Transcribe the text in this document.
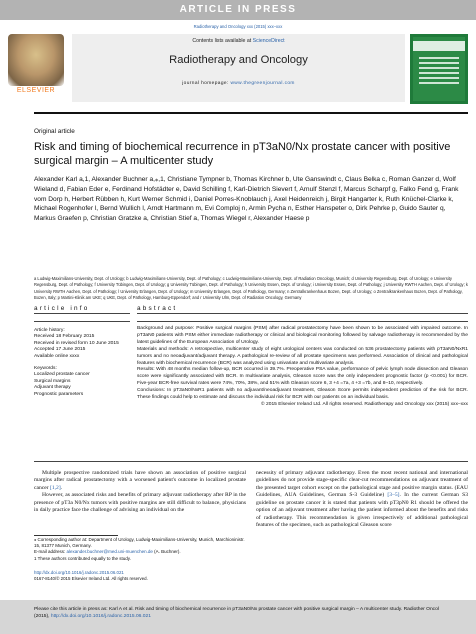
ARTICLE IN PRESS
Radiotherapy and Oncology xxx (2015) xxx–xxx
ELSEVIER
Contents lists available at ScienceDirect
Radiotherapy and Oncology
journal homepage: www.thegreenjournal.com
Original article
Risk and timing of biochemical recurrence in pT3aN0/Nx prostate cancer with positive surgical margin – A multicenter study
Alexander Karl a,1, Alexander Buchner a,⁎,1, Christiane Tympner b, Thomas Kirchner b, Ute Ganswindt c, Claus Belka c, Roman Ganzer d, Wolf Wieland d, Fabian Eder e, Ferdinand Hofstädter e, David Schilling f, Karl-Dietrich Sievert f, Arnulf Stenzl f, Marcus Scharpf g, Falko Fend g, Frank vom Dorp h, Herbert Rübben h, Kurt Werner Schmid i, Daniel Porres-Knoblauch j, Axel Heidenreich j, Birgit Hangarter k, Ruth Knüchel-Clarke k, Michael Rogenhofer l, Bernd Wullich l, Arndt Hartmann m, Evi Comploj n, Armin Pycha n, Esther Hanspeter o, Dirk Pehrke p, Guido Sauter q, Markus Graefen p, Christian Gratzke a, Christian Stief a, Thomas Wiegel r, Alexander Haese p
a Ludwig-Maximilians-University, Dept. of Urology; b Ludwig-Maximilians-University, Dept. of Pathology; c Ludwig-Maximilians-University, Dept. of Radiation Oncology, Munich; d University Regensburg, Dept. of Urology; e University Regensburg, Dept. of Pathology; f University Tübingen, Dept. of Urology; g University Tübingen, Dept. of Pathology; h University Essen, Dept. of Urology; i University Essen, Dept. of Pathology; j University RWTH Aachen, Dept. of Urology; k University RWTH Aachen, Dept. of Pathology; l University Erlangen, Dept. of Urology; m University Erlangen, Dept. of Pathology, Germany; n Zentralkrankenhaus Bozen, Dept. of Urology; o Zentralkrankenhaus Bozen, Dept. of Pathology, Bozen, Italy; p Martini-Klinik am UKE; q UKE, Dept. of Pathology, Hamburg-Eppendorf; and r University Ulm, Dept. of Radiation Oncology, Germany
article info	abstract
Article history:
Received 18 February 2015
Received in revised form 10 June 2015
Accepted 17 June 2015
Available online xxxx
Keywords:
Localized prostate cancer
Surgical margins
Adjuvant therapy
Prognostic parameters
Background and purpose: Positive surgical margins (PSM) after radical prostatectomy have been shown to be associated with impaired outcome. In pT3aN0 patients with PSM either immediate radiotherapy or clinical and biological monitoring followed by salvage radiotherapy is recommended by the latest guidelines of the European Association of Urology.
Materials and methods: A retrospective, multicenter study of eight urological centers was conducted on 536 prostatectomy patients with pT3aN0/NxR1 tumors and no neoadjuvant/adjuvant therapy. A pathological re-review of all prostate specimens was performed. Association of clinical and pathological features with biochemical recurrence (BCR) was analyzed using univariate and multivariate analysis.
Results: With 48 months median follow-up, BCR occurred in 39.7%. Preoperative PSA value, performance of pelvic lymph node dissection and Gleason score were significantly associated with BCR. In multivariate analysis, Gleason score was the only independent prognostic factor (p <0.001) for BCR. Five-year BCR-free survival rates were 74%, 70%, 38%, and 51% with Gleason score 6, 3 +4 =7a, 4 +3 =7b, and 8–10, respectively.
Conclusions: In pT3aN0/NxR1 patients with no adjuvant/neoadjuvant treatment, Gleason Score permits independent prediction of the risk for BCR. These findings could help to estimate and discuss the individual risk for BCR with our patients on an individual basis.
© 2015 Elsevier Ireland Ltd. All rights reserved. Radiotherapy and Oncology xxx (2015) xxx–xxx

Multiple prospective randomized trials have shown an association of positive surgical margins after radical prostatectomy with a worsened patient's outcome in localized prostate cancer [1,2].

However, as associated risks and benefits of primary adjuvant radiotherapy after RP in the presence of pT3a N0/Nx tumors with positive margins are still difficult to balance, physicians in daily practice face the challenge of advising an individual on the

necessity of primary adjuvant radiotherapy. Even the most recent national and international guidelines do not provide stage-specific clear-cut recommendations on adjuvant treatment of the presented target cohort except on the pathological stage and positive margin status. (EAU Guidelines, AUA Guidelines, German S-3 Guideline) [3–5]. In the current German S3 guideline on prostate cancer it is stated that patients with pT3pN0 R1 should be offered the option of an adjuvant treatment after having the patient informed about the benefits and risks of radiotherapy. This recommendation is given irrespectively of additional pathological features of the specimen, such as pathological Gleason score

⁎ Corresponding author at: Department of Urology, Ludwig-Maximilians-University, Munich, Marchioninistr. 15, 81377 Munich, Germany.
E-mail address: alexander.buchner@med.uni-muenchen.de (A. Buchner).
1 These authors contributed equally to the study.
http://dx.doi.org/10.1016/j.radonc.2015.06.021
0167-8140/© 2015 Elsevier Ireland Ltd. All rights reserved.
Please cite this article in press as: Karl A et al. Risk and timing of biochemical recurrence in pT3aN0/Nx prostate cancer with positive surgical margin – A multicenter study. Radiother Oncol (2015), http://dx.doi.org/10.1016/j.radonc.2015.06.021
